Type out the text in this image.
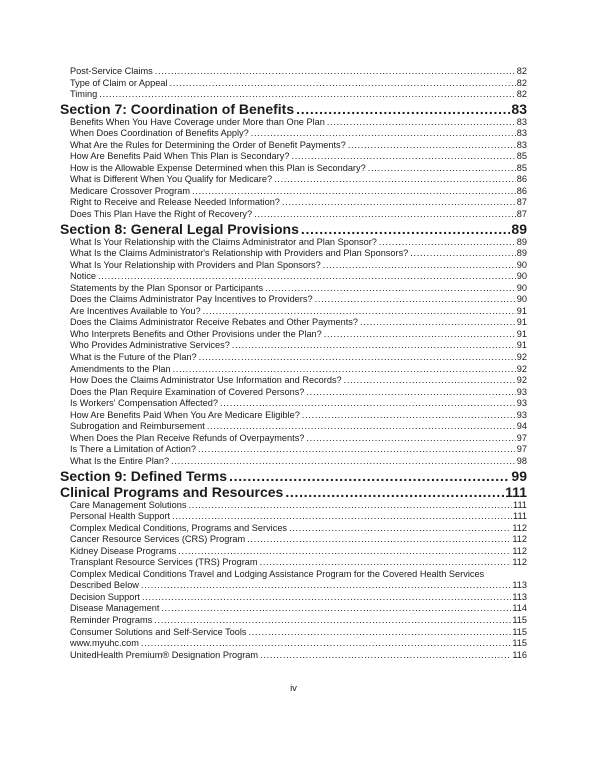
Post-Service Claims .....	82
Type of Claim or Appeal .....	82
Timing .....	82
Section 7: Coordination of Benefits .....	83
Benefits When You Have Coverage under More than One Plan .....	83
When Does Coordination of Benefits Apply? .....	83
What Are the Rules for Determining the Order of Benefit Payments? .....	83
How Are Benefits Paid When This Plan is Secondary? .....	85
How is the Allowable Expense Determined when this Plan is Secondary? .....	85
What is Different When You Qualify for Medicare? .....	86
Medicare Crossover Program .....	86
Right to Receive and Release Needed Information? .....	87
Does This Plan Have the Right of Recovery? .....	87
Section 8: General Legal Provisions .....	89
What Is Your Relationship with the Claims Administrator and Plan Sponsor? .....	89
What Is the Claims Administrator's Relationship with Providers and Plan Sponsors? .....	89
What Is Your Relationship with Providers and Plan Sponsors? .....	90
Notice .....	90
Statements by the Plan Sponsor or Participants .....	90
Does the Claims Administrator Pay Incentives to Providers? .....	90
Are Incentives Available to You? .....	91
Does the Claims Administrator Receive Rebates and Other Payments? .....	91
Who Interprets Benefits and Other Provisions under the Plan? .....	91
Who Provides Administrative Services? .....	91
What is the Future of the Plan? .....	92
Amendments to the Plan .....	92
How Does the Claims Administrator Use Information and Records? .....	92
Does the Plan Require Examination of Covered Persons? .....	93
Is Workers' Compensation Affected? .....	93
How Are Benefits Paid When You Are Medicare Eligible? .....	93
Subrogation and Reimbursement .....	94
When Does the Plan Receive Refunds of Overpayments? .....	97
Is There a Limitation of Action? .....	97
What Is the Entire Plan? .....	98
Section 9: Defined Terms .....	99
Clinical Programs and Resources .....	111
Care Management Solutions .....	111
Personal Health Support .....	111
Complex Medical Conditions, Programs and Services .....	112
Cancer Resource Services (CRS) Program .....	112
Kidney Disease Programs .....	112
Transplant Resource Services (TRS) Program .....	112
Complex Medical Conditions Travel and Lodging Assistance Program for the Covered Health Services
Described Below .....	113
Decision Support .....	113
Disease Management .....	114
Reminder Programs .....	115
Consumer Solutions and Self-Service Tools .....	115
www.myuhc.com .....	115
UnitedHealth Premium® Designation Program .....	116
iv
